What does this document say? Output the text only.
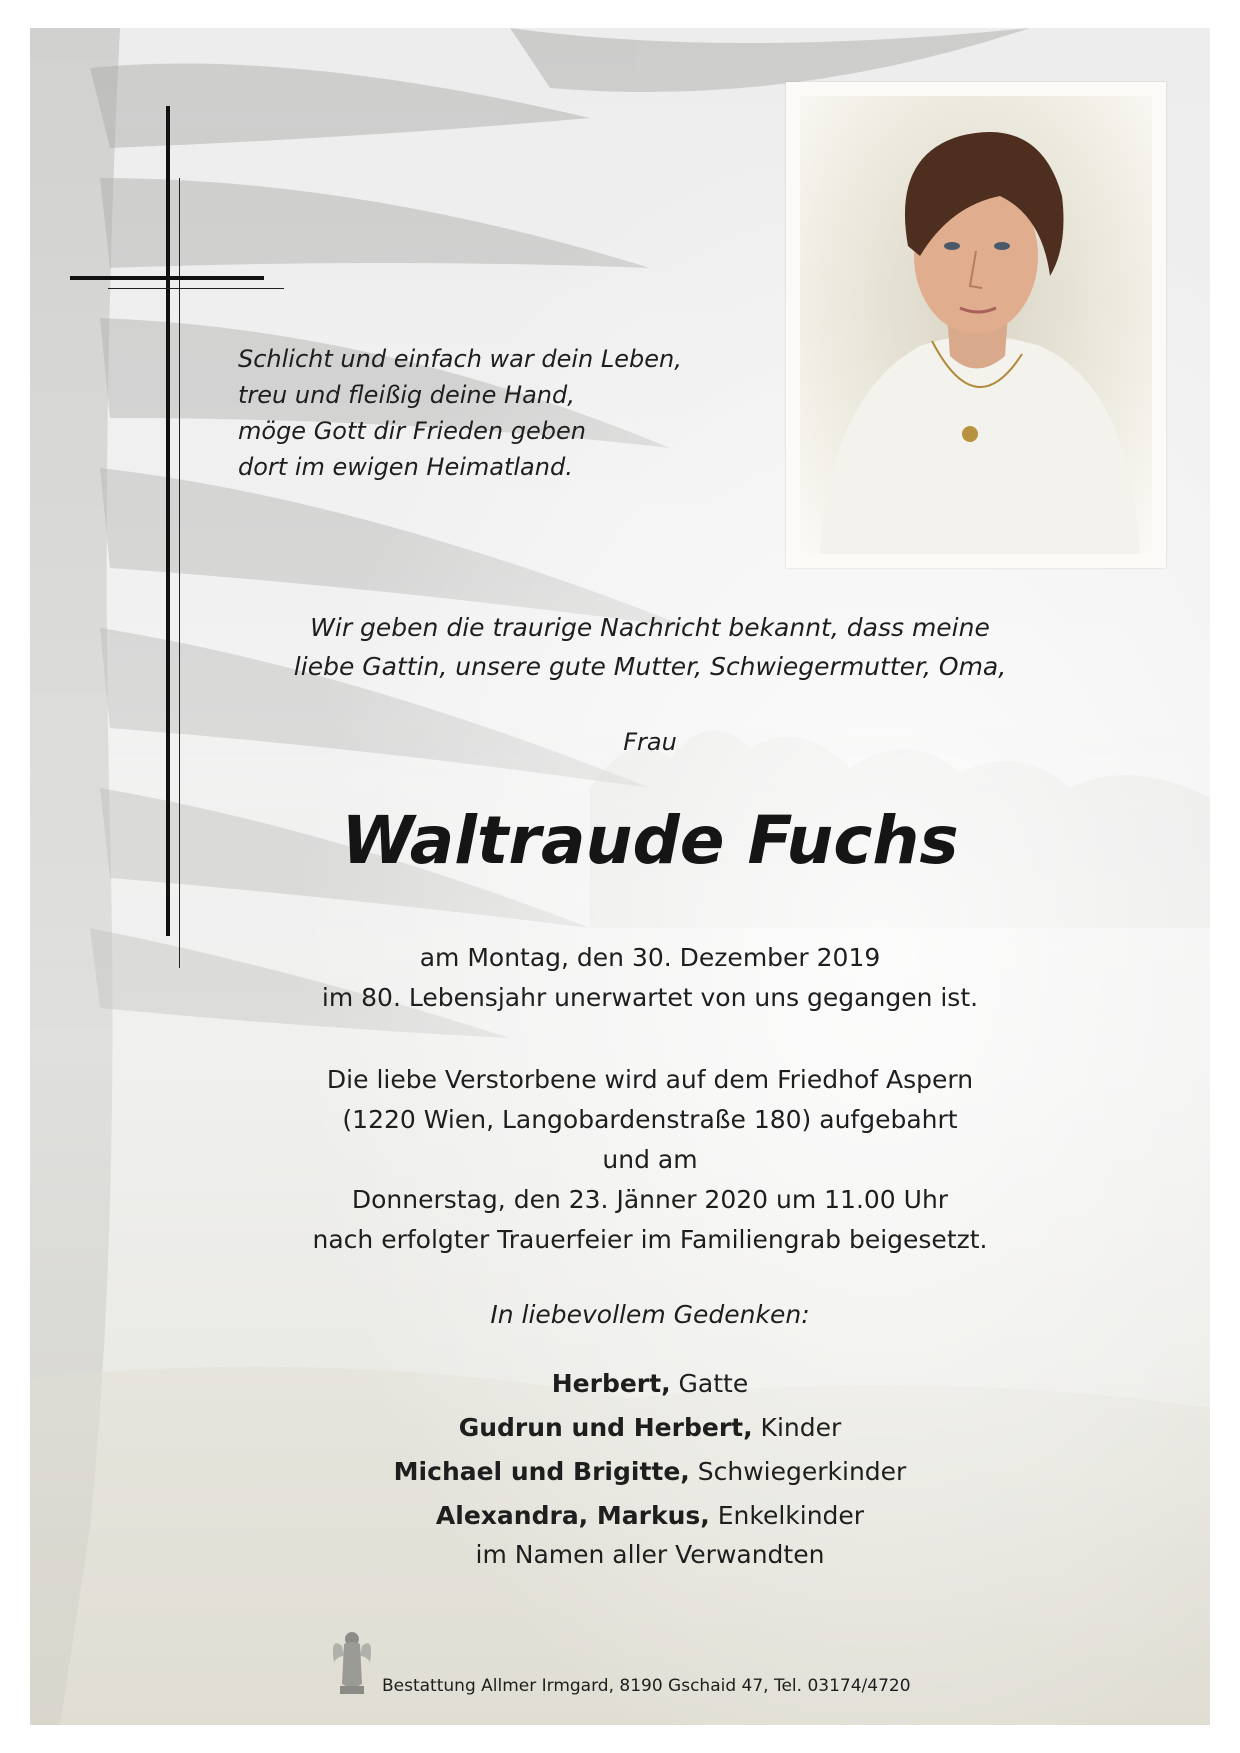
Schlicht und einfach war dein Leben,
treu und fleißig deine Hand,
möge Gott dir Frieden geben
dort im ewigen Heimatland.
Wir geben die traurige Nachricht bekannt, dass meine
liebe Gattin, unsere gute Mutter, Schwiegermutter, Oma,
Frau
Waltraude Fuchs
am Montag, den 30. Dezember 2019
im 80. Lebensjahr unerwartet von uns gegangen ist.
Die liebe Verstorbene wird auf dem Friedhof Aspern
(1220 Wien, Langobardenstraße 180) aufgebahrt
und am
Donnerstag, den 23. Jänner 2020 um 11.00 Uhr
nach erfolgter Trauerfeier im Familiengrab beigesetzt.
In liebevollem Gedenken:
Herbert, Gatte
Gudrun und Herbert, Kinder
Michael und Brigitte, Schwiegerkinder
Alexandra, Markus, Enkelkinder
im Namen aller Verwandten
Bestattung Allmer Irmgard, 8190 Gschaid 47, Tel. 03174/4720
